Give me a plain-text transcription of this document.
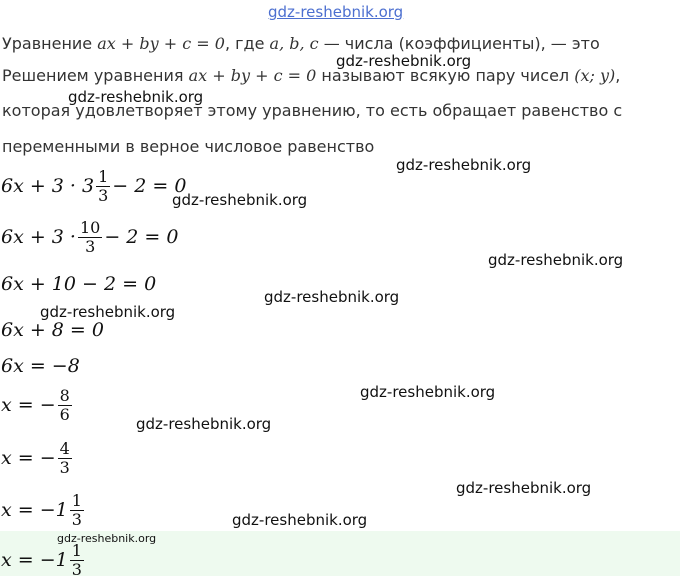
Уравнение ax + by + c = 0, где a, b, c — числа (коэффициенты), — это
Решением уравнения ax + by + c = 0 называют всякую пару чисел (x; y),
которая удовлетворяет этому уравнению, то есть обращает равенство с
переменными в верное числовое равенство
$6x + 3 \cdot 3 \frac{1}{3} - 2 = 0$
$6x + 3 \cdot \frac{10}{3} - 2 = 0$
6x + 10 − 2 = 0
6x + 8 = 0
6x = −8
x = − $\frac{8}{6}$
x = − $\frac{4}{3}$
$x = -1 \frac{1}{3}$
$x = -1 \frac{1}{3}$
gdz-reshebnik.org
gdz-reshebnik.org
gdz-reshebnik.org
gdz-reshebnik.org
gdz-reshebnik.org
gdz-reshebnik.org
gdz-reshebnik.org
gdz-reshebnik.org
gdz-reshebnik.org
gdz-reshebnik.org
gdz-reshebnik.org
gdz-reshebnik.org
gdz-reshebnik.org
